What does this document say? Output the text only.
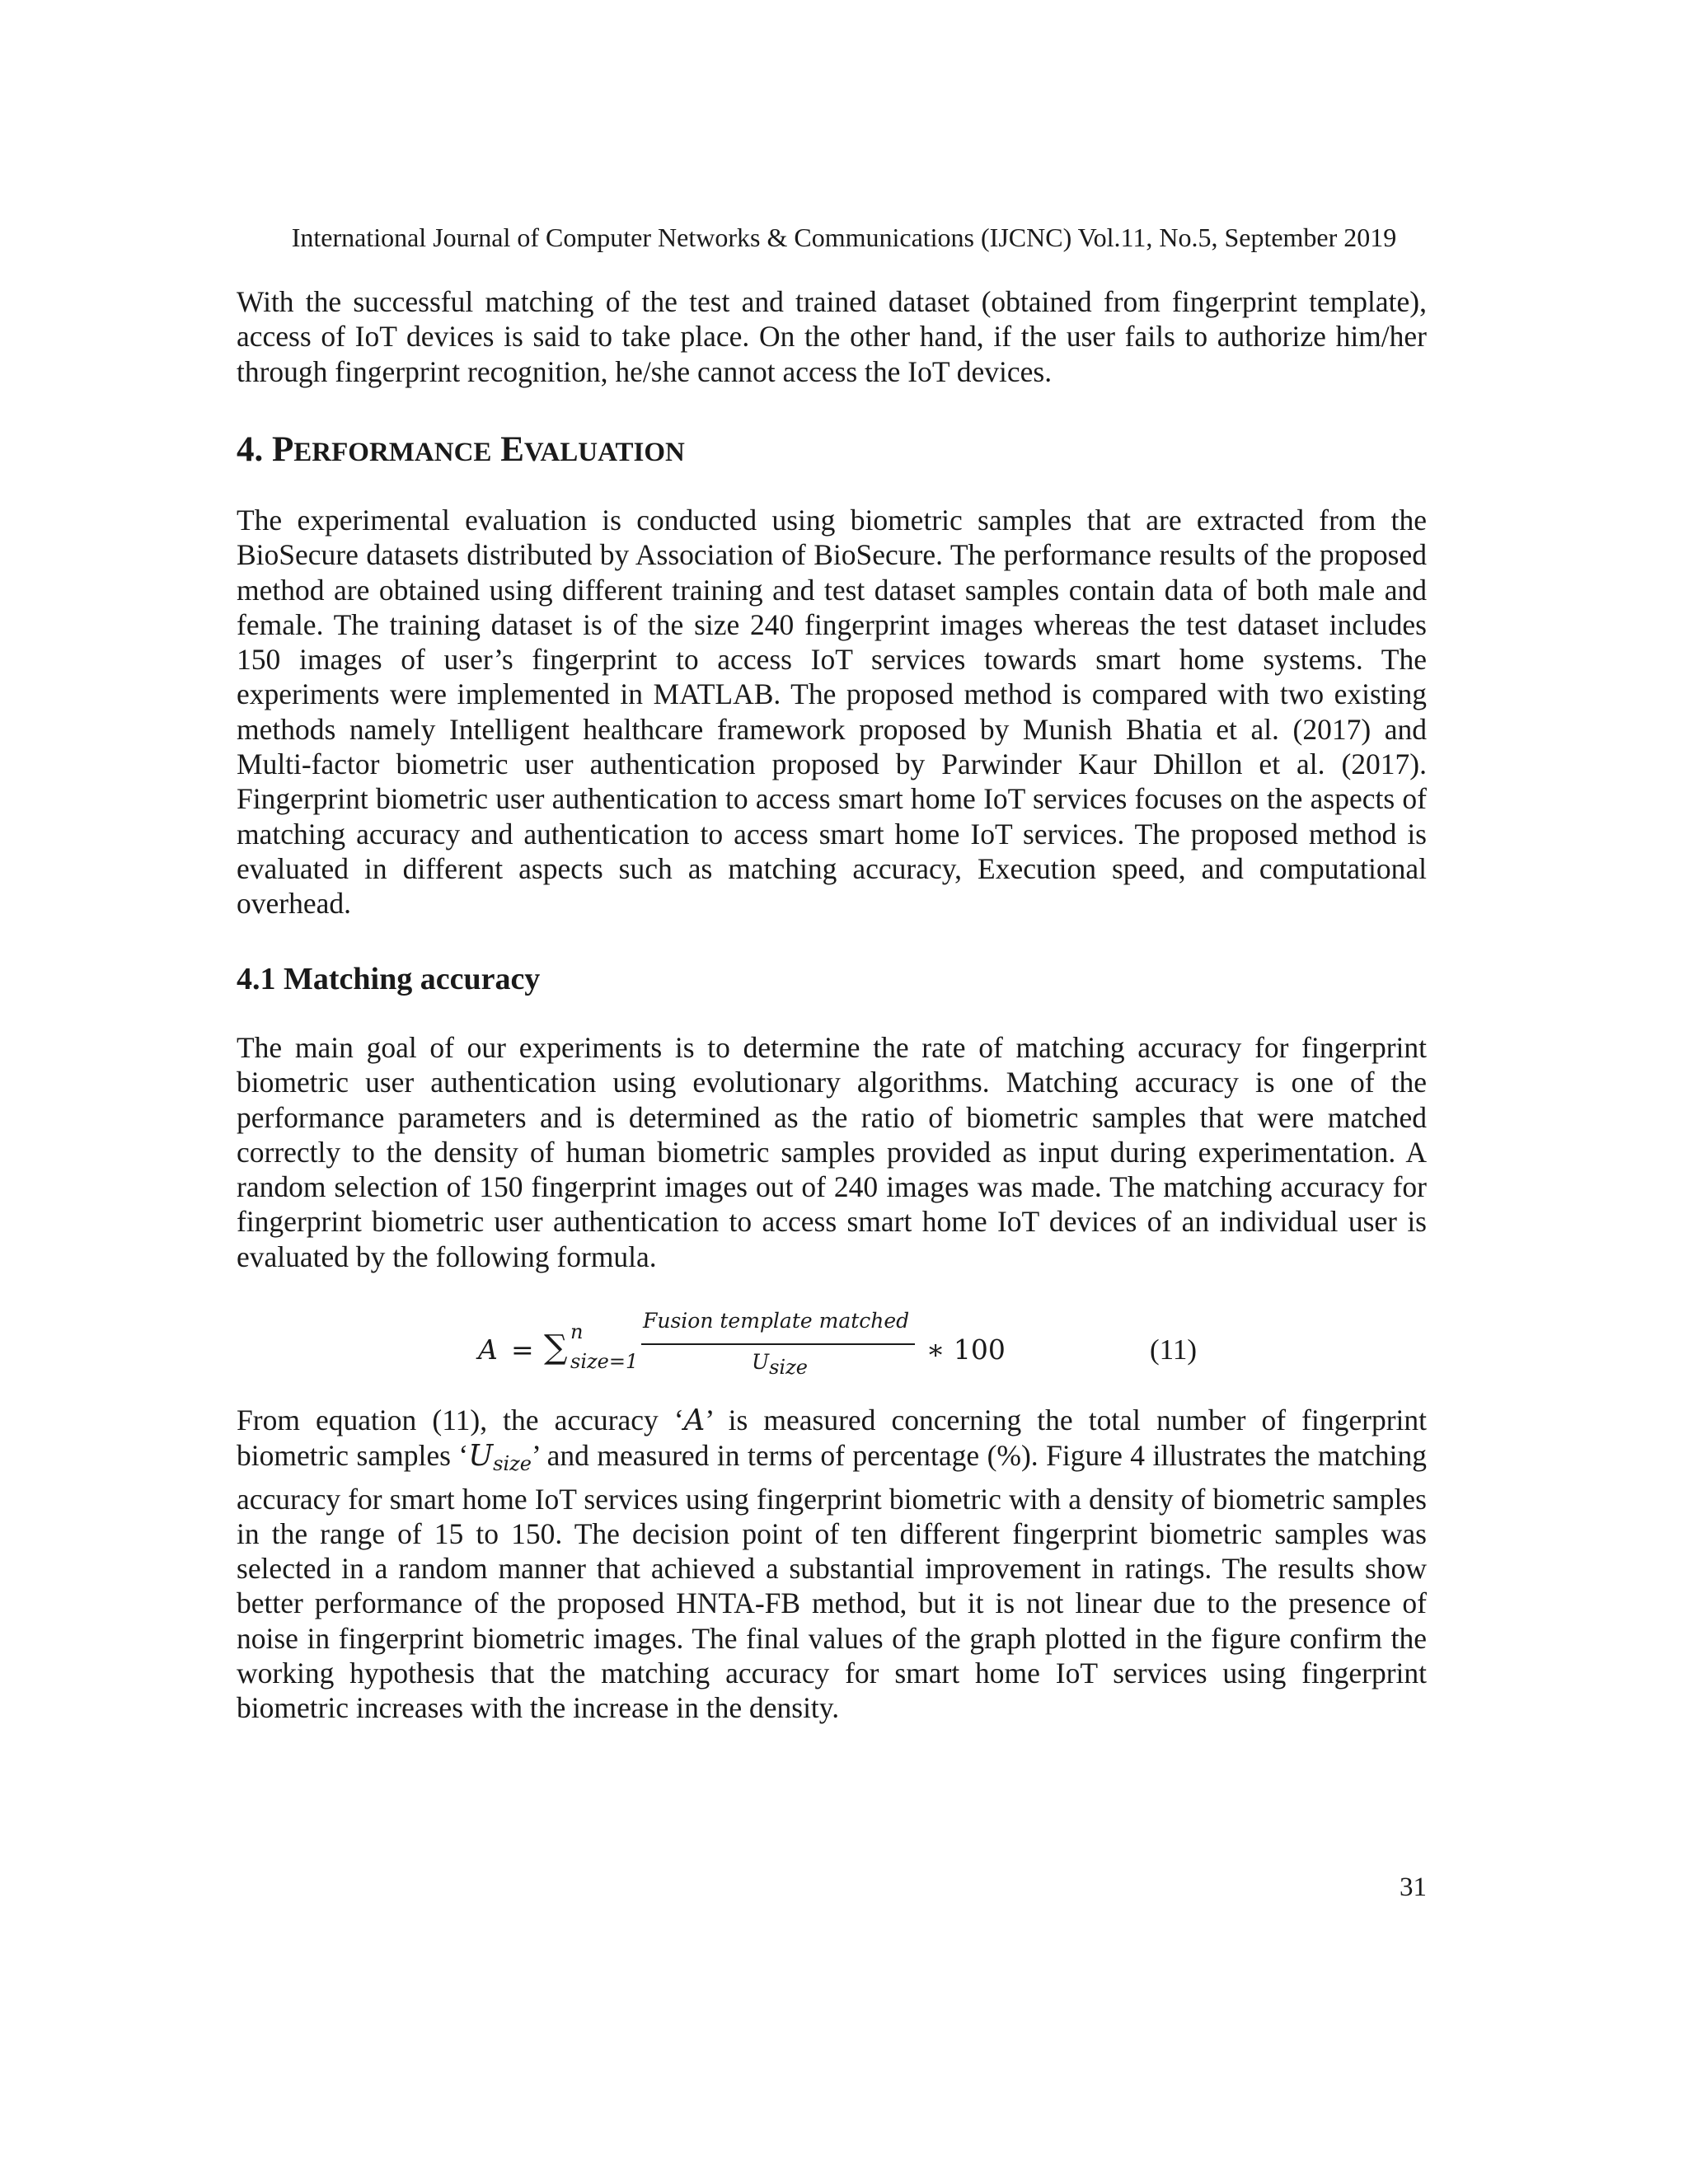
International Journal of Computer Networks & Communications (IJCNC) Vol.11, No.5, September 2019

With the successful matching of the test and trained dataset (obtained from fingerprint template), access of IoT devices is said to take place. On the other hand, if the user fails to authorize him/her through fingerprint recognition, he/she cannot access the IoT devices.

4. PERFORMANCE EVALUATION

The experimental evaluation is conducted using biometric samples that are extracted from the BioSecure datasets distributed by Association of BioSecure. The performance results of the proposed method are obtained using different training and test dataset samples contain data of both male and female. The training dataset is of the size 240 fingerprint images whereas the test dataset includes 150 images of user’s fingerprint to access IoT services towards smart home systems. The experiments were implemented in MATLAB. The proposed method is compared with two existing methods namely Intelligent healthcare framework proposed by Munish Bhatia et al. (2017) and Multi-factor biometric user authentication proposed by Parwinder Kaur Dhillon et al. (2017). Fingerprint biometric user authentication to access smart home IoT services focuses on the aspects of matching accuracy and authentication to access smart home IoT services. The proposed method is evaluated in different aspects such as matching accuracy, Execution speed, and computational overhead.

4.1 Matching accuracy

The main goal of our experiments is to determine the rate of matching accuracy for fingerprint biometric user authentication using evolutionary algorithms. Matching accuracy is one of the performance parameters and is determined as the ratio of biometric samples that were matched correctly to the density of human biometric samples provided as input during experimentation. A random selection of 150 fingerprint images out of 240 images was made. The matching accuracy for fingerprint biometric user authentication to access smart home IoT devices of an individual user is evaluated by the following formula.

A = ∑ n
size=1
Fusion template matched
Usize
∗ 100	(11)

From equation (11), the accuracy ‘A’ is measured concerning the total number of fingerprint biometric samples ‘Usize’ and measured in terms of percentage (%). Figure 4 illustrates the matching accuracy for smart home IoT services using fingerprint biometric with a density of biometric samples in the range of 15 to 150. The decision point of ten different fingerprint biometric samples was selected in a random manner that achieved a substantial improvement in ratings. The results show better performance of the proposed HNTA-FB method, but it is not linear due to the presence of noise in fingerprint biometric images. The final values of the graph plotted in the figure confirm the working hypothesis that the matching accuracy for smart home IoT services using fingerprint biometric increases with the increase in the density.

31
